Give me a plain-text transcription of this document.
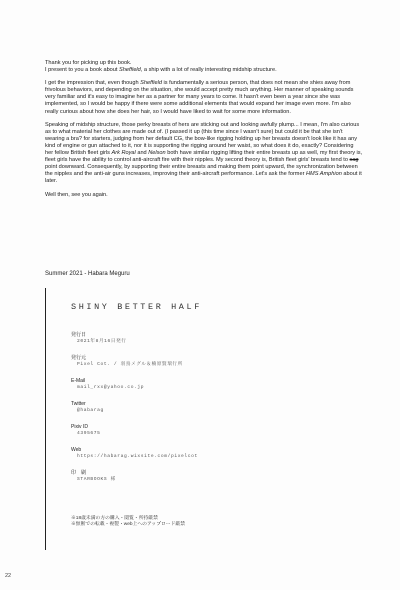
Thank you for picking up this book.
I present to you a book about Sheffield, a ship with a lot of really interesting midship structure.

I get the impression that, even though Sheffield is fundamentally a serious person, that does not mean she shies away from frivolous behaviors, and depending on the situation, she would accept pretty much anything. Her manner of speaking sounds very familiar and it's easy to imagine her as a partner for many years to come. It hasn't even been a year since she was implemented, so I would be happy if there were some additional elements that would expand her image even more. I'm also really curious about how she does her hair, so I would have liked to wait for some more information.

Speaking of midship structure, those perky breasts of hers are sticking out and looking awfully plump... I mean, I'm also curious as to what material her clothes are made out of. (I passed it up (this time since I wasn't sure) but could it be that she isn't wearing a bra? for starters, judging from her default CG, the bow-like rigging holding up her breasts doesn't look like it has any kind of engine or gun attached to it, nor it is supporting the rigging around her waist, so what does it do, exactly? Considering her fellow British fleet girls Ark Royal and Nelson both have similar rigging lifting their entire breasts up as well, my first theory is, fleet girls have the ability to control anti-aircraft fire with their nipples. My second theory is, British fleet girls' breasts tend to sag point downward. Consequently, by supporting their entire breasts and making them point upward, the synchronization between the nipples and the anti-air guns increases, improving their anti-aircraft performance. Let's ask the former HMS Amphion about it later.

Well then, see you again.

Summer 2021 - Habara Meguru
SHINY BETTER HALF
発行日
2021年8月16日発行
発行元
Pixel Cot. / 羽鳥メグル＆楠原賢瑞行所
E-Mail
mail_rxx@yahoo.co.jp
Twitter
@habarag
Pixiv ID
4395675
Web
https://habarag.wixsite.com/pixelcot
印　刷
STARBOOKS 様
※18歳未満の方の購入・閲覧・所持厳禁
※無断での転載・複製・web上へのアップロード厳禁
22
